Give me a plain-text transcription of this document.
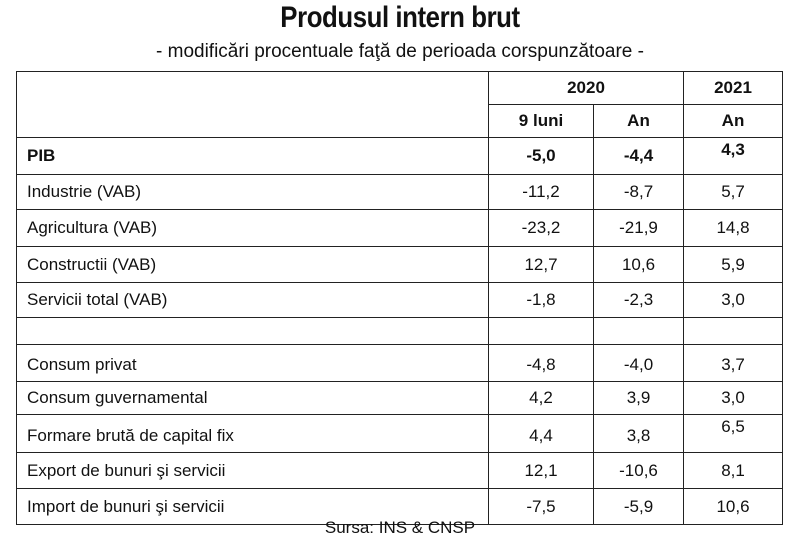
Produsul intern brut
- modificări procentuale faţă de perioada corspunzătoare -
	2020		2021
	9 luni	An	An
PIB	-5,0	-4,4	4,3
Industrie (VAB)	-11,2	-8,7	5,7
Agricultura (VAB)	-23,2	-21,9	14,8
Constructii (VAB)	12,7	10,6	5,9
Servicii total (VAB)	-1,8	-2,3	3,0

Consum privat	-4,8	-4,0	3,7
Consum guvernamental	4,2	3,9	3,0
Formare brută de capital fix	4,4	3,8	6,5
Export de bunuri şi servicii	12,1	-10,6	8,1
Import de bunuri şi servicii	-7,5	-5,9	10,6
Sursa: INS & CNSP
